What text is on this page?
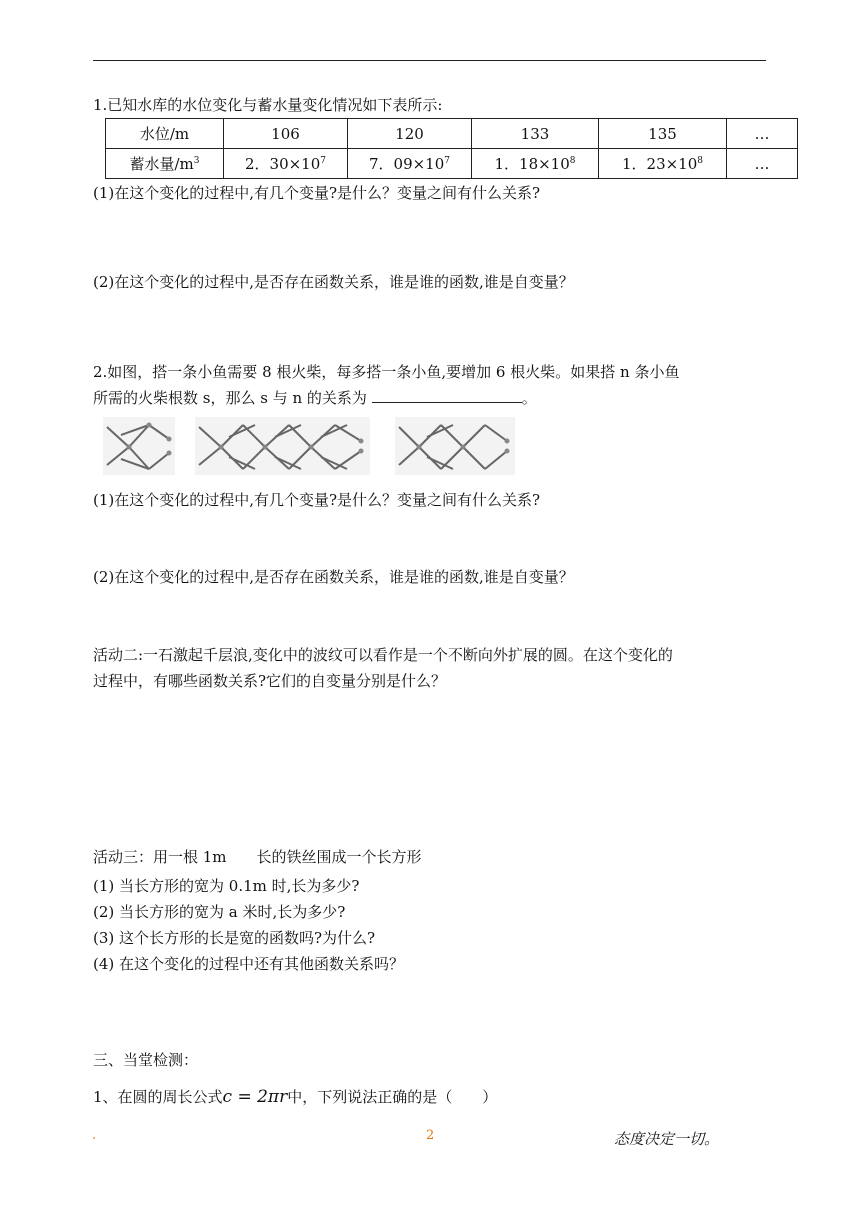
1.已知水库的水位变化与蓄水量变化情况如下表所示:
水位/m	106	120	133	135	…
蓄水量$/m^3$	2．$30\times 10^7$	7．$09\times 10^7$	1．$18\times 10^8$	1．$23\times 10^8$	…
(1)在这个变化的过程中,有几个变量?是什么？变量之间有什么关系?
(2)在这个变化的过程中,是否存在函数关系，谁是谁的函数,谁是自变量？
2.如图，搭一条小鱼需要 8 根火柴，每多搭一条小鱼,要增加 6 根火柴。如果搭 n 条小鱼
所需的火柴根数 s，那么 s 与 n 的关系为	。
(1)在这个变化的过程中,有几个变量?是什么？变量之间有什么关系?
(2)在这个变化的过程中,是否存在函数关系，谁是谁的函数,谁是自变量？
活动二:一石激起千层浪,变化中的波纹可以看作是一个不断向外扩展的圆。在这个变化的
过程中，有哪些函数关系?它们的自变量分别是什么？
活动三：用一根 1m　　长的铁丝围成一个长方形
(1) 当长方形的宽为 0.1m 时,长为多少?
(2) 当长方形的宽为 a 米时,长为多少?
(3) 这个长方形的长是宽的函数吗?为什么?
(4) 在这个变化的过程中还有其他函数关系吗？
三、当堂检测：
1、在圆的周长公式c = 2πr中，下列说法正确的是（　　）
.	2	态度决定一切。
